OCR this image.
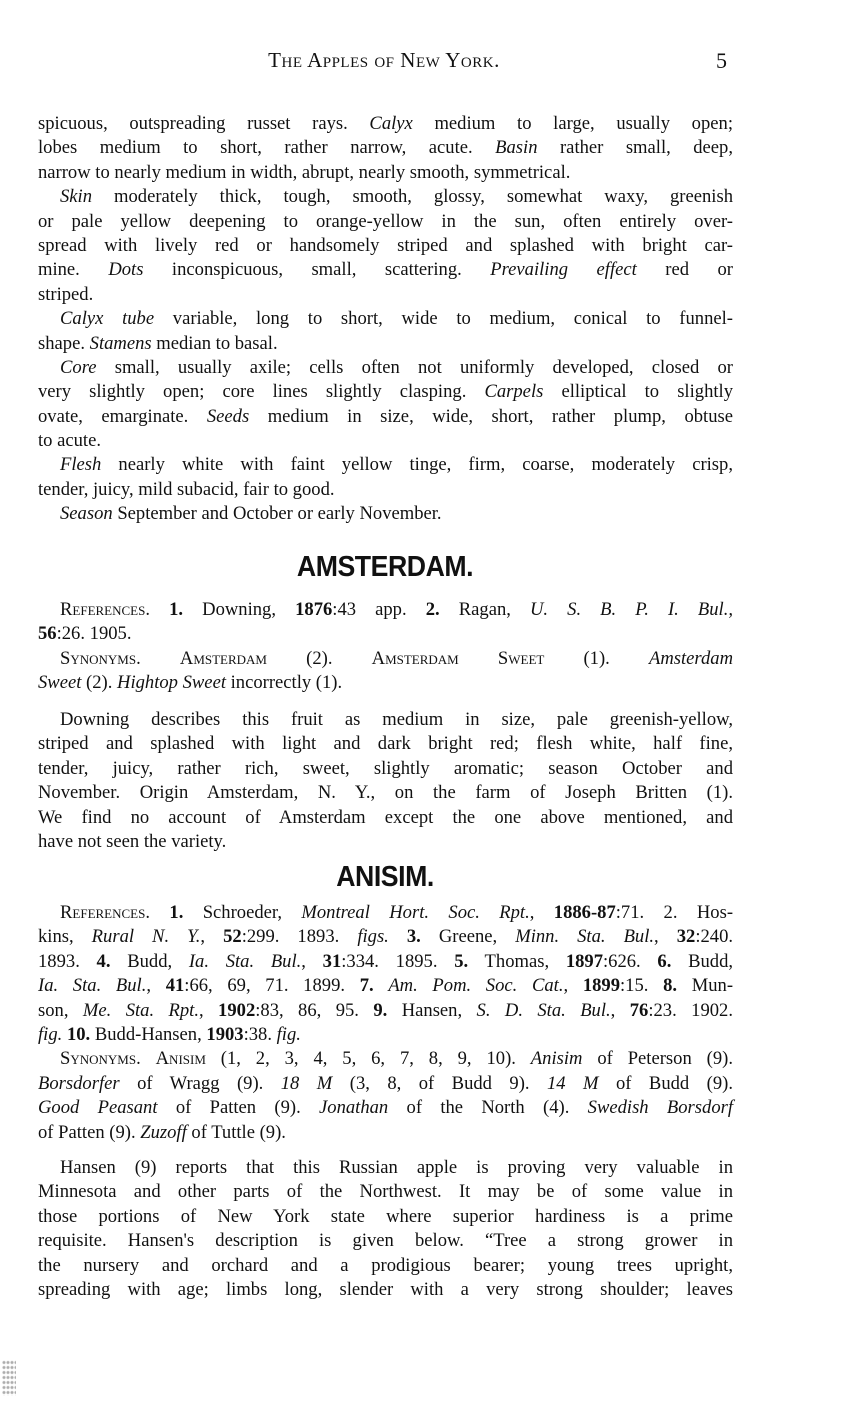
The Apples of New York.	5
spicuous, outspreading russet rays. Calyx medium to large, usually open;
lobes medium to short, rather narrow, acute. Basin rather small, deep,
narrow to nearly medium in width, abrupt, nearly smooth, symmetrical.
Skin moderately thick, tough, smooth, glossy, somewhat waxy, greenish
or pale yellow deepening to orange-yellow in the sun, often entirely over-
spread with lively red or handsomely striped and splashed with bright car-
mine. Dots inconspicuous, small, scattering. Prevailing effect red or
striped.
Calyx tube variable, long to short, wide to medium, conical to funnel-
shape. Stamens median to basal.
Core small, usually axile; cells often not uniformly developed, closed or
very slightly open; core lines slightly clasping. Carpels elliptical to slightly
ovate, emarginate. Seeds medium in size, wide, short, rather plump, obtuse
to acute.
Flesh nearly white with faint yellow tinge, firm, coarse, moderately crisp,
tender, juicy, mild subacid, fair to good.
Season September and October or early November.
AMSTERDAM.
References. 1. Downing, 1876:43 app. 2. Ragan, U. S. B. P. I. Bul.,
56:26. 1905.
Synonyms. Amsterdam (2). Amsterdam Sweet (1). Amsterdam
Sweet (2). Hightop Sweet incorrectly (1).
Downing describes this fruit as medium in size, pale greenish-yellow,
striped and splashed with light and dark bright red; flesh white, half fine,
tender, juicy, rather rich, sweet, slightly aromatic; season October and
November. Origin Amsterdam, N. Y., on the farm of Joseph Britten (1).
We find no account of Amsterdam except the one above mentioned, and
have not seen the variety.
ANISIM.
References. 1. Schroeder, Montreal Hort. Soc. Rpt., 1886-87:71. 2. Hos-
kins, Rural N. Y., 52:299. 1893. figs. 3. Greene, Minn. Sta. Bul., 32:240.
1893. 4. Budd, Ia. Sta. Bul., 31:334. 1895. 5. Thomas, 1897:626. 6. Budd,
Ia. Sta. Bul., 41:66, 69, 71. 1899. 7. Am. Pom. Soc. Cat., 1899:15. 8. Mun-
son, Me. Sta. Rpt., 1902:83, 86, 95. 9. Hansen, S. D. Sta. Bul., 76:23. 1902.
fig. 10. Budd-Hansen, 1903:38. fig.
Synonyms. Anisim (1, 2, 3, 4, 5, 6, 7, 8, 9, 10). Anisim of Peterson (9).
Borsdorfer of Wragg (9). 18 M (3, 8, of Budd 9). 14 M of Budd (9).
Good Peasant of Patten (9). Jonathan of the North (4). Swedish Borsdorf
of Patten (9). Zuzoff of Tuttle (9).
Hansen (9) reports that this Russian apple is proving very valuable in
Minnesota and other parts of the Northwest. It may be of some value in
those portions of New York state where superior hardiness is a prime
requisite. Hansen's description is given below. “Tree a strong grower in
the nursery and orchard and a prodigious bearer; young trees upright,
spreading with age; limbs long, slender with a very strong shoulder; leaves
